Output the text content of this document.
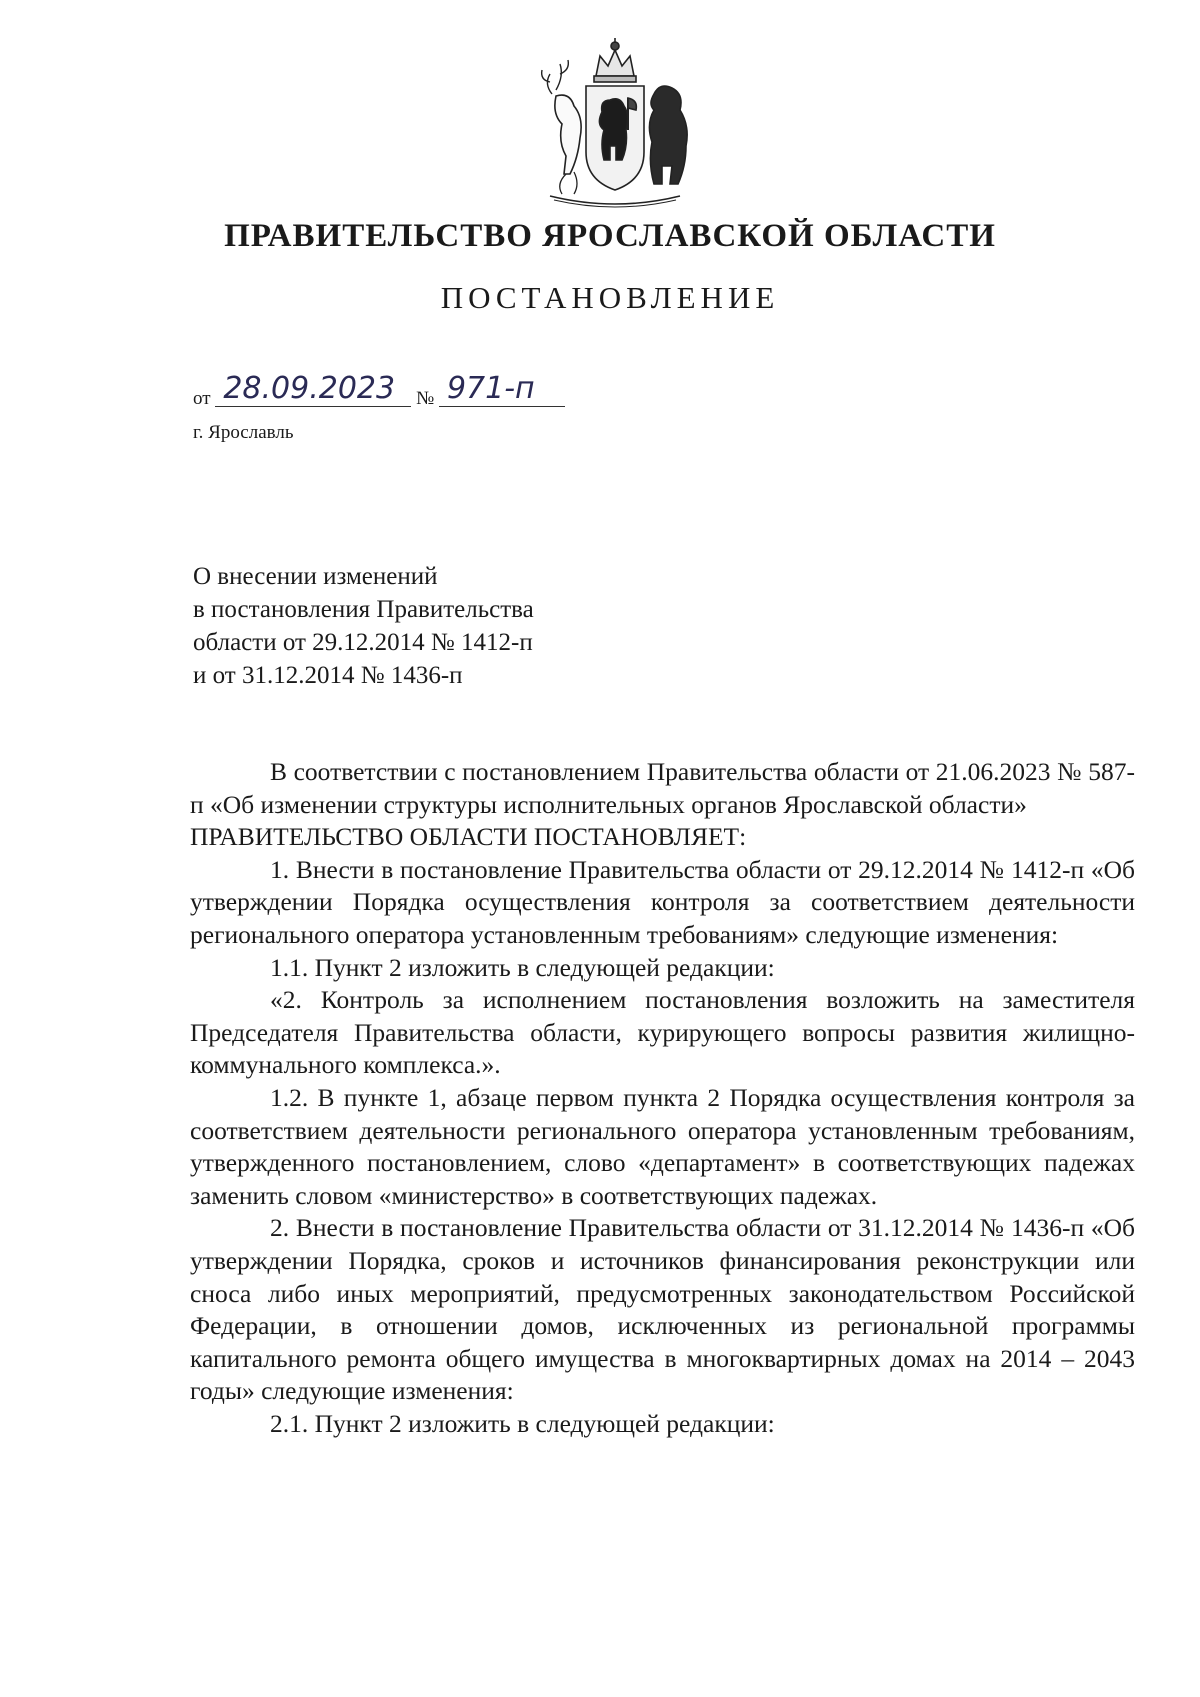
ПРАВИТЕЛЬСТВО ЯРОСЛАВСКОЙ ОБЛАСТИ
ПОСТАНОВЛЕНИЕ
от 28.09.2023 № 971-п
г. Ярославль
О внесении изменений
в постановления Правительства
области от 29.12.2014 № 1412-п
и от 31.12.2014 № 1436-п

В соответствии с постановлением Правительства области от 21.06.2023 № 587-п «Об изменении структуры исполнительных органов Ярославской области»

ПРАВИТЕЛЬСТВО ОБЛАСТИ ПОСТАНОВЛЯЕТ:

1. Внести в постановление Правительства области от 29.12.2014 № 1412-п «Об утверждении Порядка осуществления контроля за соответствием деятельности регионального оператора установленным требованиям» следующие изменения:

1.1. Пункт 2 изложить в следующей редакции:

«2. Контроль за исполнением постановления возложить на заместителя Председателя Правительства области, курирующего вопросы развития жилищно-коммунального комплекса.».

1.2. В пункте 1, абзаце первом пункта 2 Порядка осуществления контроля за соответствием деятельности регионального оператора установленным требованиям, утвержденного постановлением, слово «департамент» в соответствующих падежах заменить словом «министерство» в соответствующих падежах.

2. Внести в постановление Правительства области от 31.12.2014 № 1436-п «Об утверждении Порядка, сроков и источников финансирования реконструкции или сноса либо иных мероприятий, предусмотренных законодательством Российской Федерации, в отношении домов, исключенных из региональной программы капитального ремонта общего имущества в многоквартирных домах на 2014 – 2043 годы» следующие изменения:

2.1. Пункт 2 изложить в следующей редакции:
